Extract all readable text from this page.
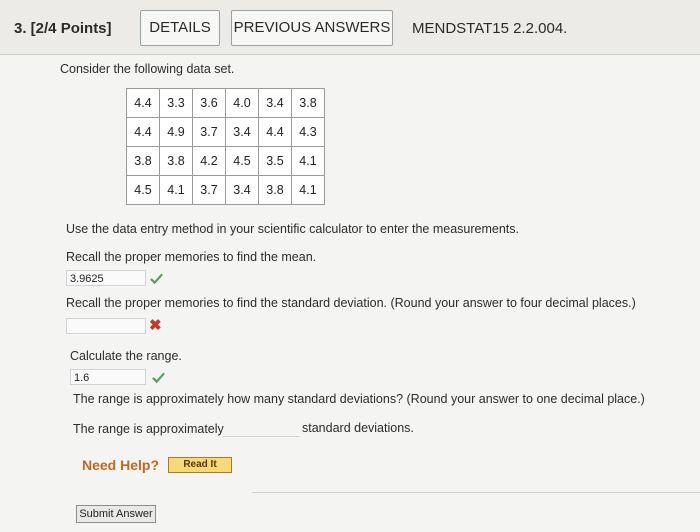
3. [2/4 Points]	DETAILS	PREVIOUS ANSWERS MENDSTAT15 2.2.004.
Consider the following data set.
4.4	3.3	3.6	4.0	3.4	3.8
4.4	4.9	3.7	3.4	4.4	4.3
3.8	3.8	4.2	4.5	3.5	4.1
4.5	4.1	3.7	3.4	3.8	4.1
Use the data entry method in your scientific calculator to enter the measurements.
Recall the proper memories to find the mean.
3.9625
Recall the proper memories to find the standard deviation. (Round your answer to four decimal places.)
✖
Calculate the range.
1.6
The range is approximately how many standard deviations? (Round your answer to one decimal place.)
The range is approximately	standard deviations.
Need Help?	Read It
Submit Answer
